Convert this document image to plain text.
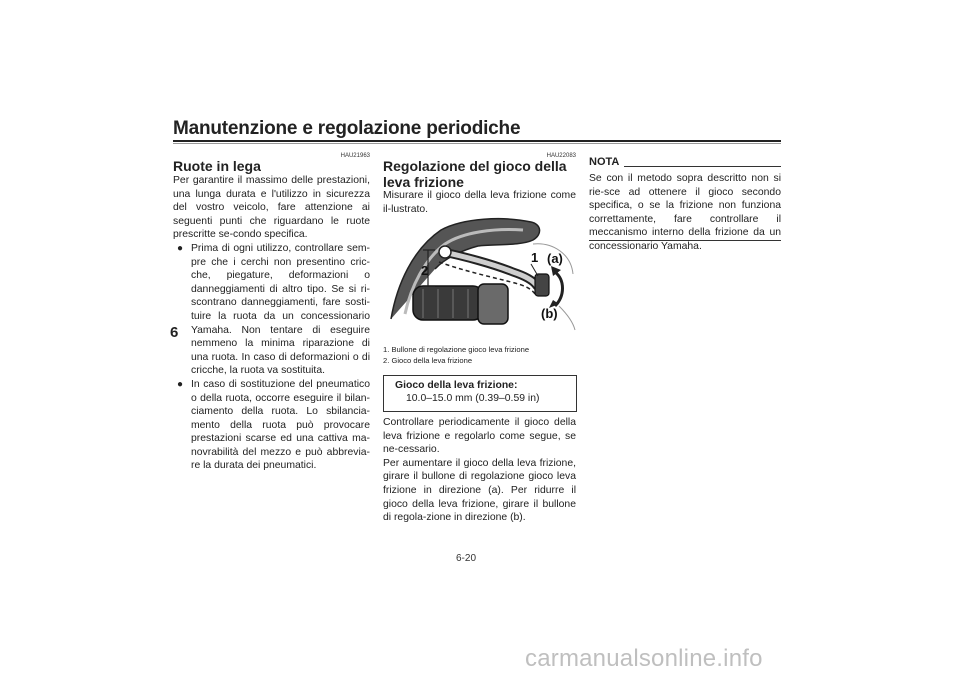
Manutenzione e regolazione periodiche
6
HAU21963
Ruote in lega

Per garantire il massimo delle prestazioni, una lunga durata e l'utilizzo in sicurezza del vostro veicolo, fare attenzione ai seguenti punti che riguardano le ruote prescritte se-condo specifica.

● Prima di ogni utilizzo, controllare sem-pre che i cerchi non presentino cric-che, piegature, deformazioni o danneggiamenti di altro tipo. Se si ri-scontrano danneggiamenti, fare sosti-tuire la ruota da un concessionario Yamaha. Non tentare di eseguire nemmeno la minima riparazione di una ruota. In caso di deformazioni o di cricche, la ruota va sostituita.
● In caso di sostituzione del pneumatico o della ruota, occorre eseguire il bilan-ciamento della ruota. Lo sbilancia-mento della ruota può provocare prestazioni scarse ed una cattiva ma-novrabilità del mezzo e può abbrevia-re la durata dei pneumatici.
HAU22083
Regolazione del gioco della leva frizione
Misurare il gioco della leva frizione come il-lustrato.
2
1 (a)
(b)
1. Bullone di regolazione gioco leva frizione
2. Gioco della leva frizione
Gioco della leva frizione:
10.0–15.0 mm (0.39–0.59 in)

Controllare periodicamente il gioco della leva frizione e regolarlo come segue, se ne-cessario.

Per aumentare il gioco della leva frizione, girare il bullone di regolazione gioco leva frizione in direzione (a). Per ridurre il gioco della leva frizione, girare il bullone di regola-zione in direzione (b).

NOTA
Se con il metodo sopra descritto non si rie-sce ad ottenere il gioco secondo specifica, o se la frizione non funziona correttamente, fare controllare il meccanismo interno della frizione da un concessionario Yamaha.
6-20
carmanualsonline.info
